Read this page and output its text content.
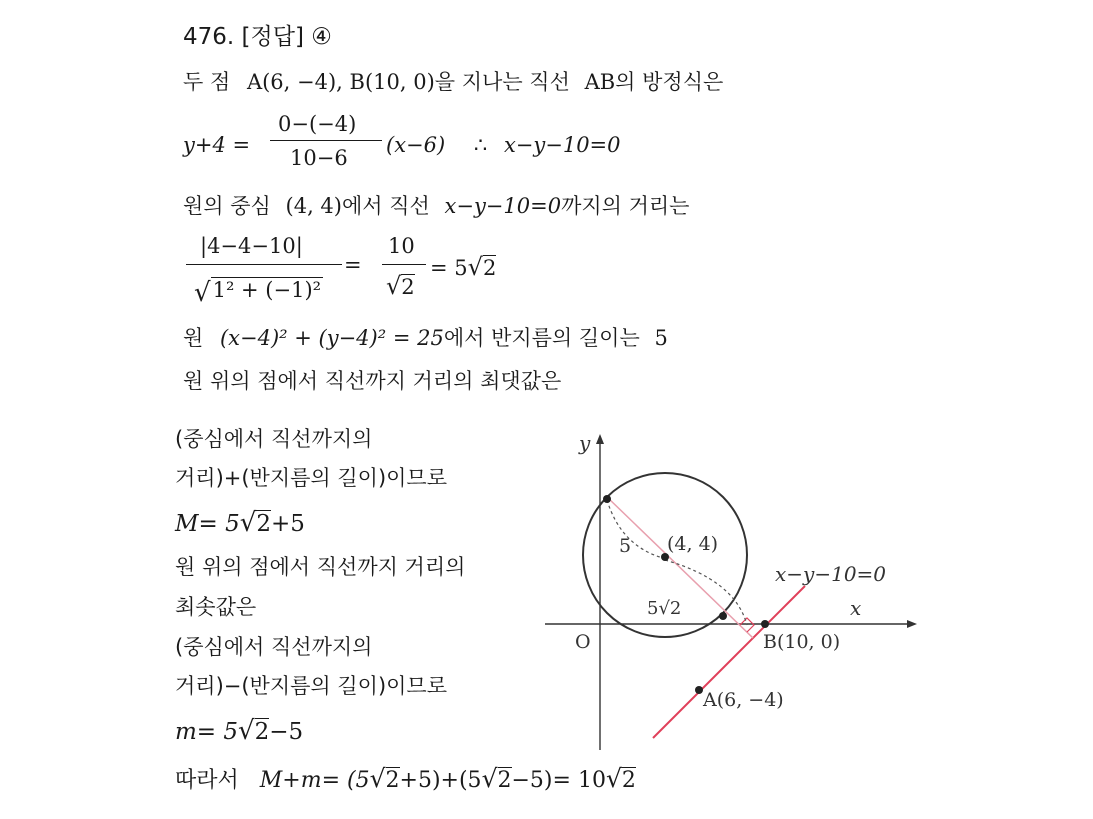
476. [정답] ④
두 점 A(6, −4), B(10, 0)을 지나는 직선 AB의 방정식은
y+4 =
0−(−4)
10−6
(x−6) ∴ x−y−10=0
원의 중심 (4, 4)에서 직선 x−y−10=0까지의 거리는
|4−4−10|
√1² + (−1)²
=
10
√2
= 5√2
원 (x−4)² + (y−4)² = 25에서 반지름의 길이는 5
원 위의 점에서 직선까지 거리의 최댓값은
(중심에서 직선까지의
거리)+(반지름의 길이)이므로
M= 5√2+5
원 위의 점에서 직선까지 거리의
최솟값은
(중심에서 직선까지의
거리)−(반지름의 길이)이므로
m= 5√2−5
따라서 M+m= (5√2+5)+(5√2−5)= 10√2
y
x
O
5 (4, 4)
5√2
B(10, 0)
A(6, −4)
x−y−10=0
